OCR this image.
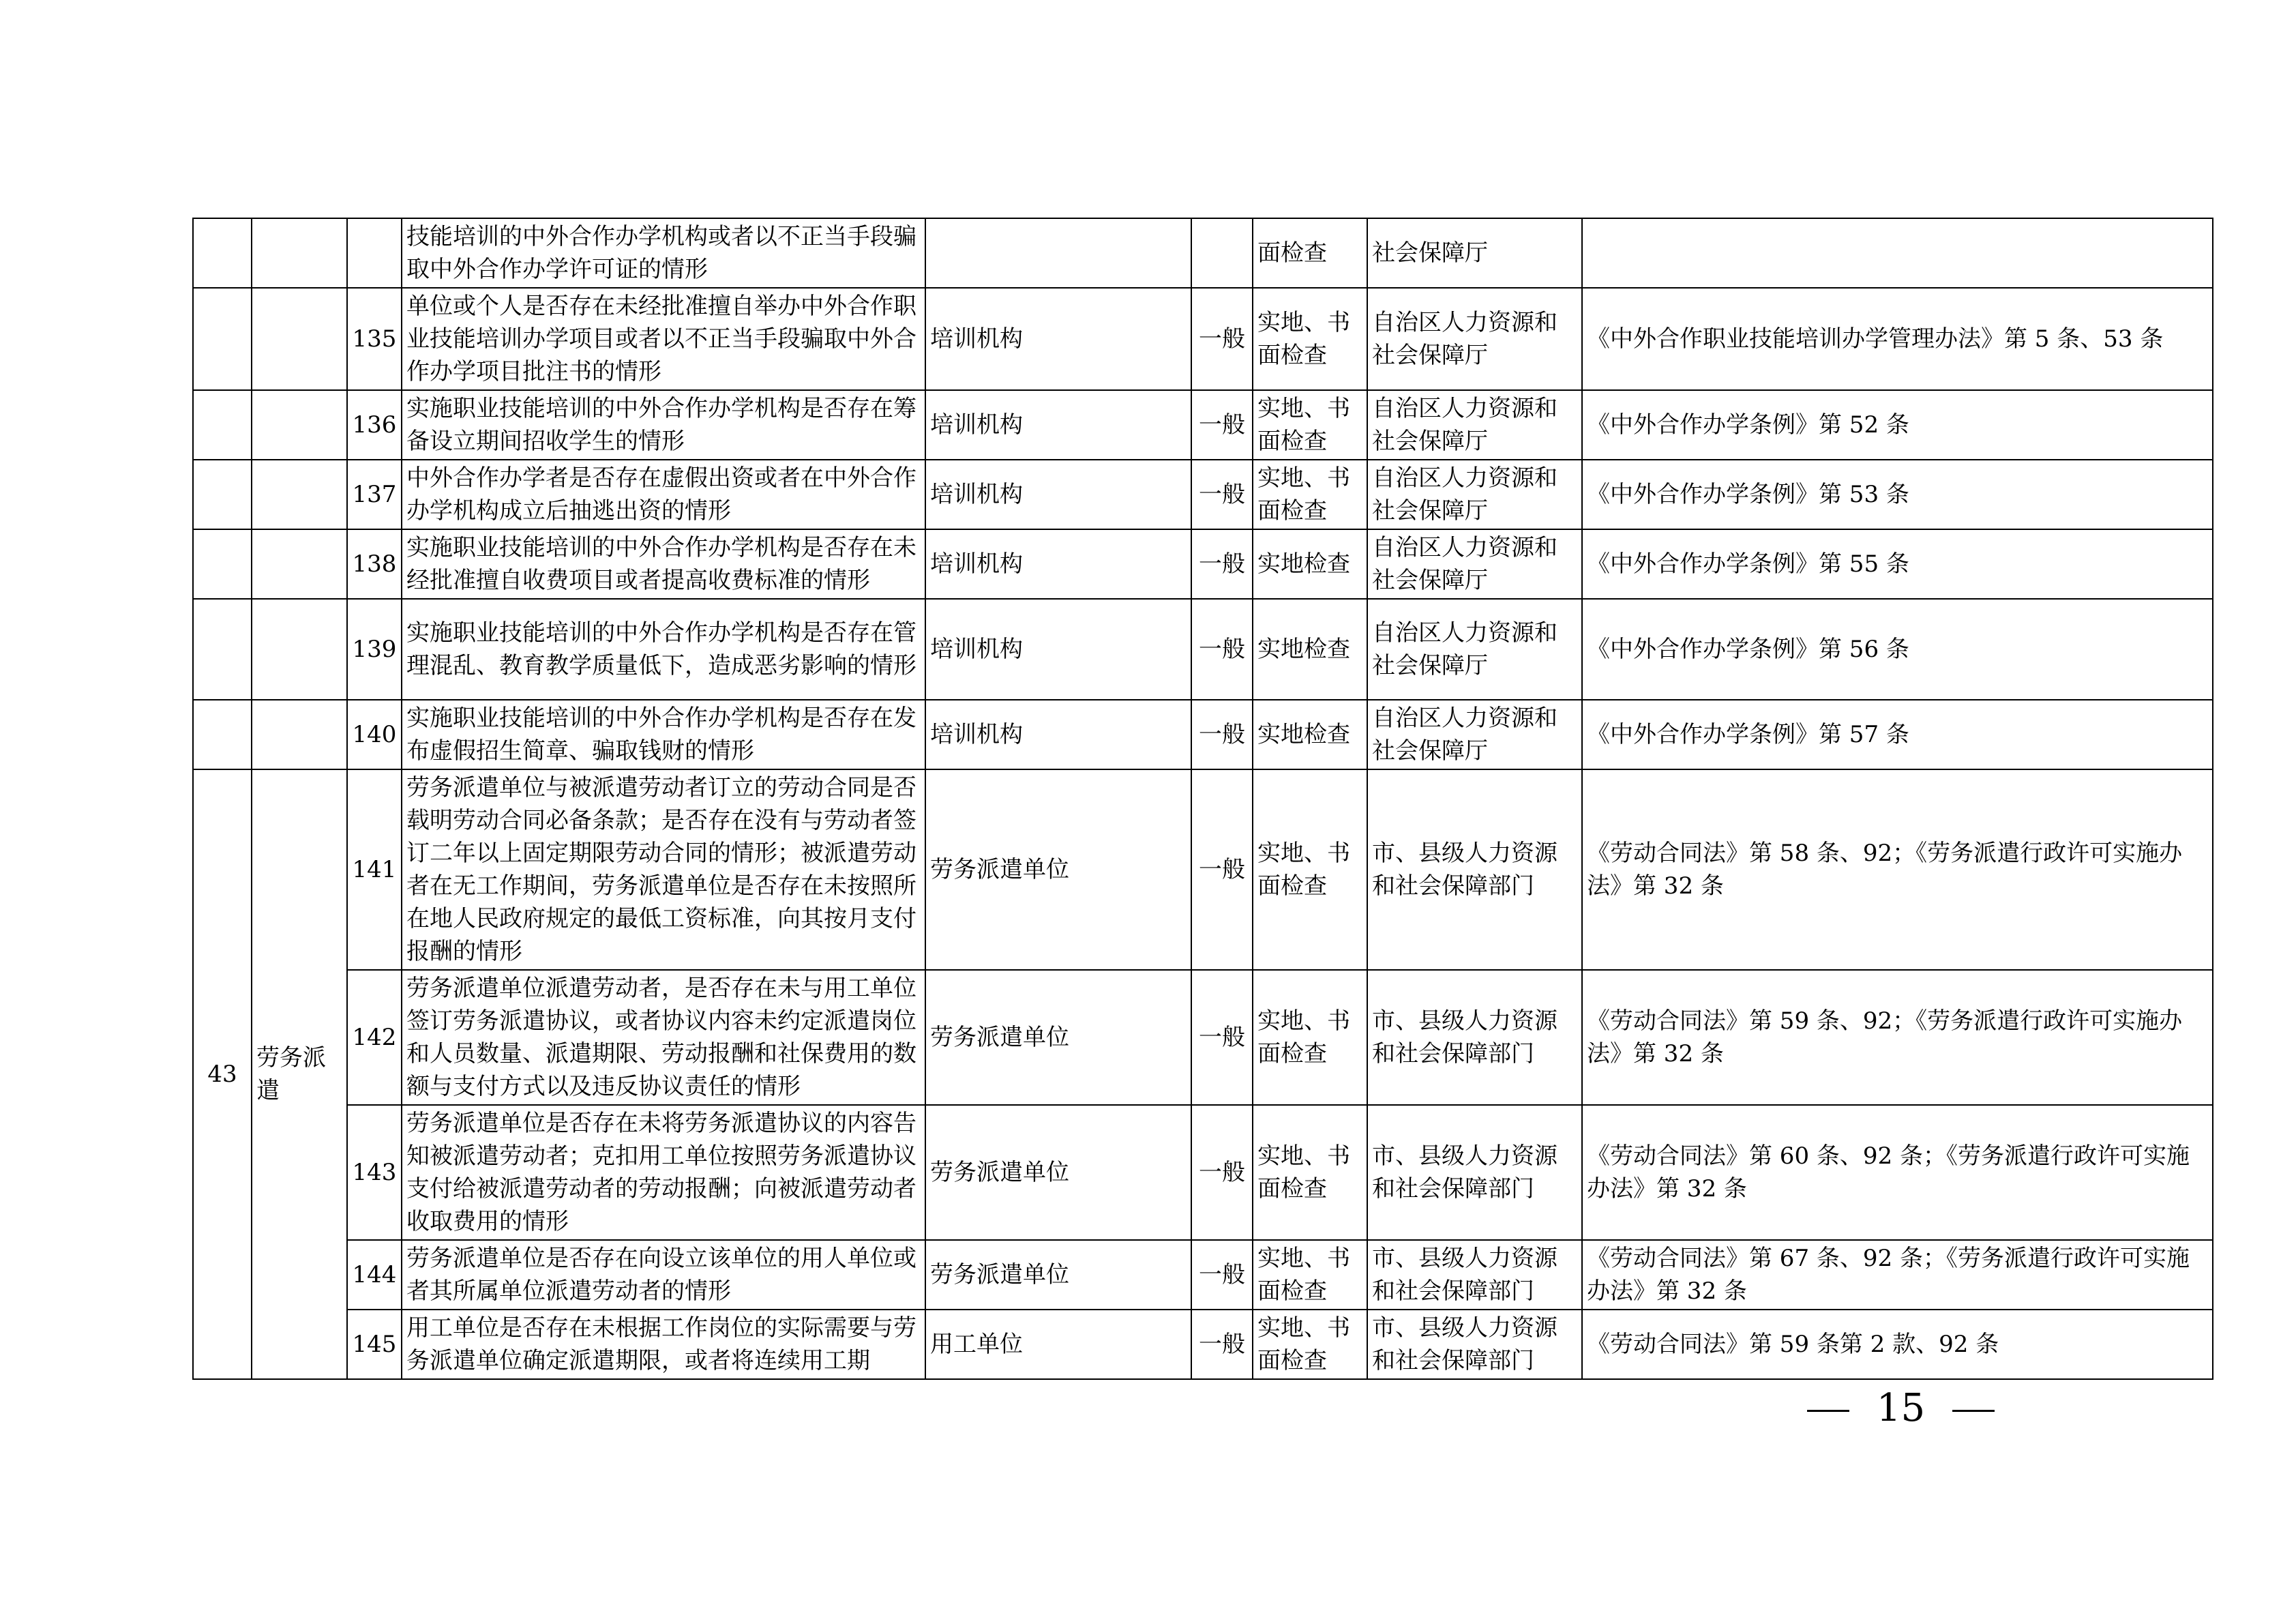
			技能培训的中外合作办学机构或者以不正当手段骗取中外合作办学许可证的情形			面检查	社会保障厅	
		135	单位或个人是否存在未经批准擅自举办中外合作职业技能培训办学项目或者以不正当手段骗取中外合作办学项目批注书的情形	培训机构	一般	实地、书面检查	自治区人力资源和社会保障厅	《中外合作职业技能培训办学管理办法》第 5 条、53 条
		136	实施职业技能培训的中外合作办学机构是否存在筹备设立期间招收学生的情形	培训机构	一般	实地、书面检查	自治区人力资源和社会保障厅	《中外合作办学条例》第 52 条
		137	中外合作办学者是否存在虚假出资或者在中外合作办学机构成立后抽逃出资的情形	培训机构	一般	实地、书面检查	自治区人力资源和社会保障厅	《中外合作办学条例》第 53 条
		138	实施职业技能培训的中外合作办学机构是否存在未经批准擅自收费项目或者提高收费标准的情形	培训机构	一般	实地检查	自治区人力资源和社会保障厅	《中外合作办学条例》第 55 条
		139	实施职业技能培训的中外合作办学机构是否存在管理混乱、教育教学质量低下，造成恶劣影响的情形	培训机构	一般	实地检查	自治区人力资源和社会保障厅	《中外合作办学条例》第 56 条
		140	实施职业技能培训的中外合作办学机构是否存在发布虚假招生简章、骗取钱财的情形	培训机构	一般	实地检查	自治区人力资源和社会保障厅	《中外合作办学条例》第 57 条
43	劳务派遣	141	劳务派遣单位与被派遣劳动者订立的劳动合同是否载明劳动合同必备条款；是否存在没有与劳动者签订二年以上固定期限劳动合同的情形；被派遣劳动者在无工作期间，劳务派遣单位是否存在未按照所在地人民政府规定的最低工资标准，向其按月支付报酬的情形	劳务派遣单位	一般	实地、书面检查	市、县级人力资源和社会保障部门	《劳动合同法》第 58 条、92；《劳务派遣行政许可实施办法》第 32 条
		142	劳务派遣单位派遣劳动者，是否存在未与用工单位签订劳务派遣协议，或者协议内容未约定派遣岗位和人员数量、派遣期限、劳动报酬和社保费用的数额与支付方式以及违反协议责任的情形	劳务派遣单位	一般	实地、书面检查	市、县级人力资源和社会保障部门	《劳动合同法》第 59 条、92；《劳务派遣行政许可实施办法》第 32 条
		143	劳务派遣单位是否存在未将劳务派遣协议的内容告知被派遣劳动者；克扣用工单位按照劳务派遣协议支付给被派遣劳动者的劳动报酬；向被派遣劳动者收取费用的情形	劳务派遣单位	一般	实地、书面检查	市、县级人力资源和社会保障部门	《劳动合同法》第 60 条、92 条；《劳务派遣行政许可实施办法》第 32 条
		144	劳务派遣单位是否存在向设立该单位的用人单位或者其所属单位派遣劳动者的情形	劳务派遣单位	一般	实地、书面检查	市、县级人力资源和社会保障部门	《劳动合同法》第 67 条、92 条；《劳务派遣行政许可实施办法》第 32 条
		145	用工单位是否存在未根据工作岗位的实际需要与劳务派遣单位确定派遣期限，或者将连续用工期	用工单位	一般	实地、书面检查	市、县级人力资源和社会保障部门	《劳动合同法》第 59 条第 2 款、92 条
15
